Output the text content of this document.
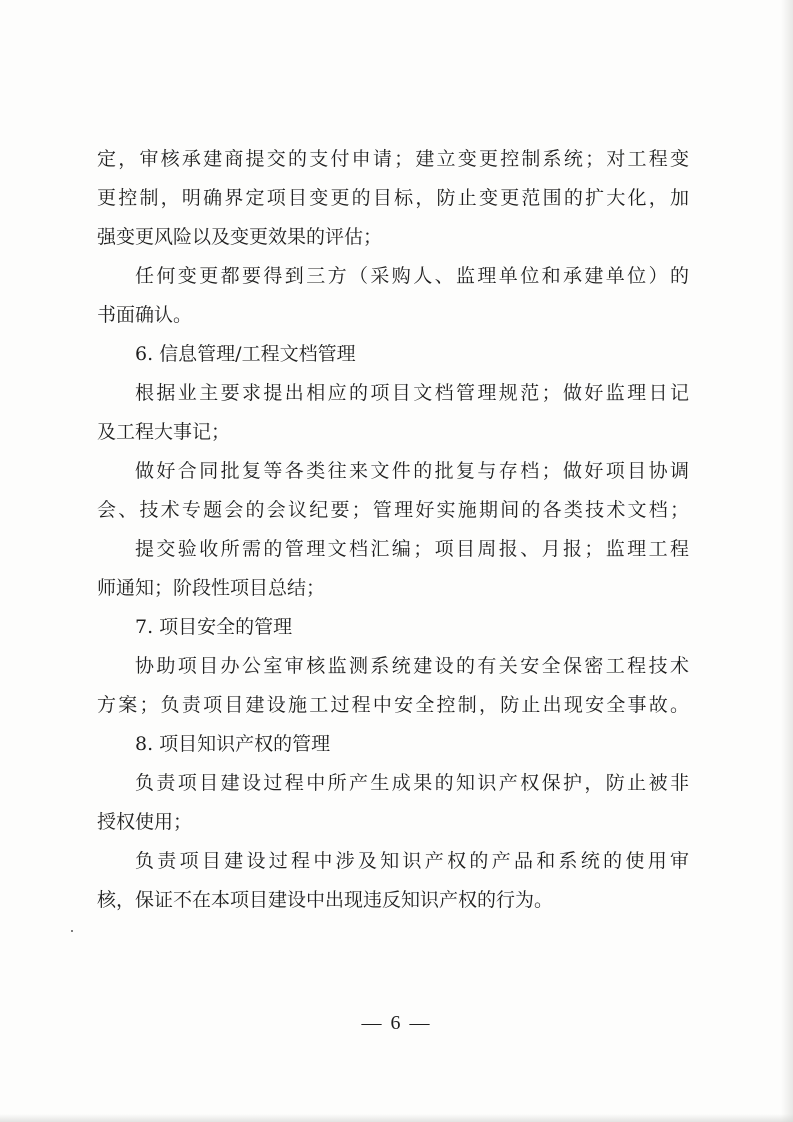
定，审核承建商提交的支付申请；建立变更控制系统；对工程变
更控制，明确界定项目变更的目标，防止变更范围的扩大化，加
强变更风险以及变更效果的评估；
任何变更都要得到三方（采购人、监理单位和承建单位）的
书面确认。
6. 信息管理/工程文档管理
根据业主要求提出相应的项目文档管理规范；做好监理日记
及工程大事记；
做好合同批复等各类往来文件的批复与存档；做好项目协调
会、技术专题会的会议纪要；管理好实施期间的各类技术文档；
提交验收所需的管理文档汇编；项目周报、月报；监理工程
师通知；阶段性项目总结；
7. 项目安全的管理
协助项目办公室审核监测系统建设的有关安全保密工程技术
方案；负责项目建设施工过程中安全控制，防止出现安全事故。
8. 项目知识产权的管理
负责项目建设过程中所产生成果的知识产权保护，防止被非
授权使用；
负责项目建设过程中涉及知识产权的产品和系统的使用审
核，保证不在本项目建设中出现违反知识产权的行为。
— 6 —
